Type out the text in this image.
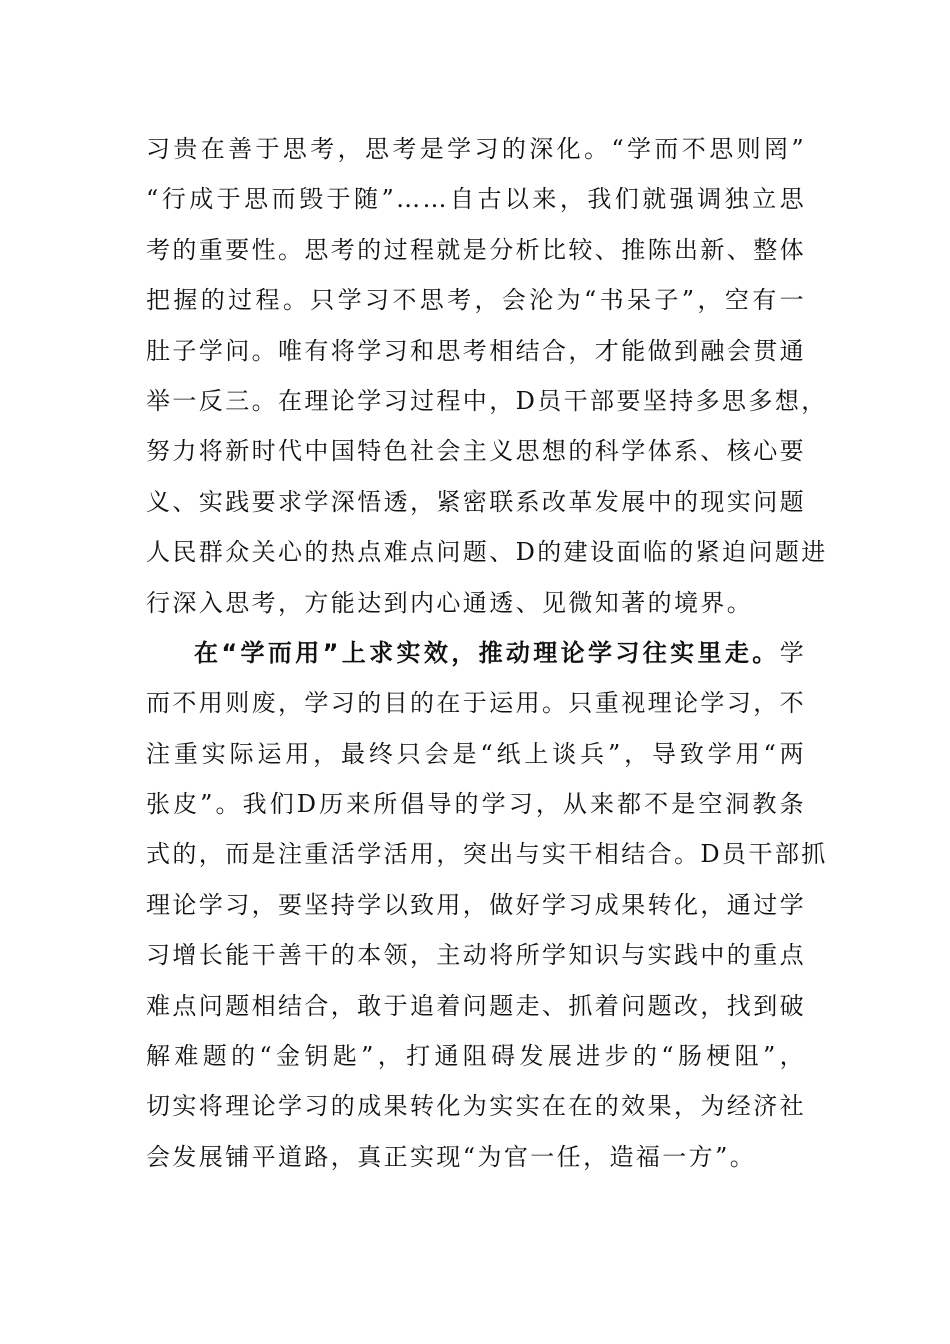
习贵在善于思考，思考是学习的深化。“学而不思则罔”
“行成于思而毁于随”……自古以来，我们就强调独立思
考的重要性。思考的过程就是分析比较、推陈出新、整体
把握的过程。只学习不思考，会沦为“书呆子”，空有一
肚子学问。唯有将学习和思考相结合，才能做到融会贯通
举一反三。在理论学习过程中，D员干部要坚持多思多想，
努力将新时代中国特色社会主义思想的科学体系、核心要
义、实践要求学深悟透，紧密联系改革发展中的现实问题
人民群众关心的热点难点问题、D的建设面临的紧迫问题进
行深入思考，方能达到内心通透、见微知著的境界。
在“学而用”上求实效，推动理论学习往实里走。学
而不用则废，学习的目的在于运用。只重视理论学习，不
注重实际运用，最终只会是“纸上谈兵”，导致学用“两
张皮”。我们D历来所倡导的学习，从来都不是空洞教条
式的，而是注重活学活用，突出与实干相结合。D员干部抓
理论学习，要坚持学以致用，做好学习成果转化，通过学
习增长能干善干的本领，主动将所学知识与实践中的重点
难点问题相结合，敢于追着问题走、抓着问题改，找到破
解难题的“金钥匙”，打通阻碍发展进步的“肠梗阻”，
切实将理论学习的成果转化为实实在在的效果，为经济社
会发展铺平道路，真正实现“为官一任，造福一方”。
